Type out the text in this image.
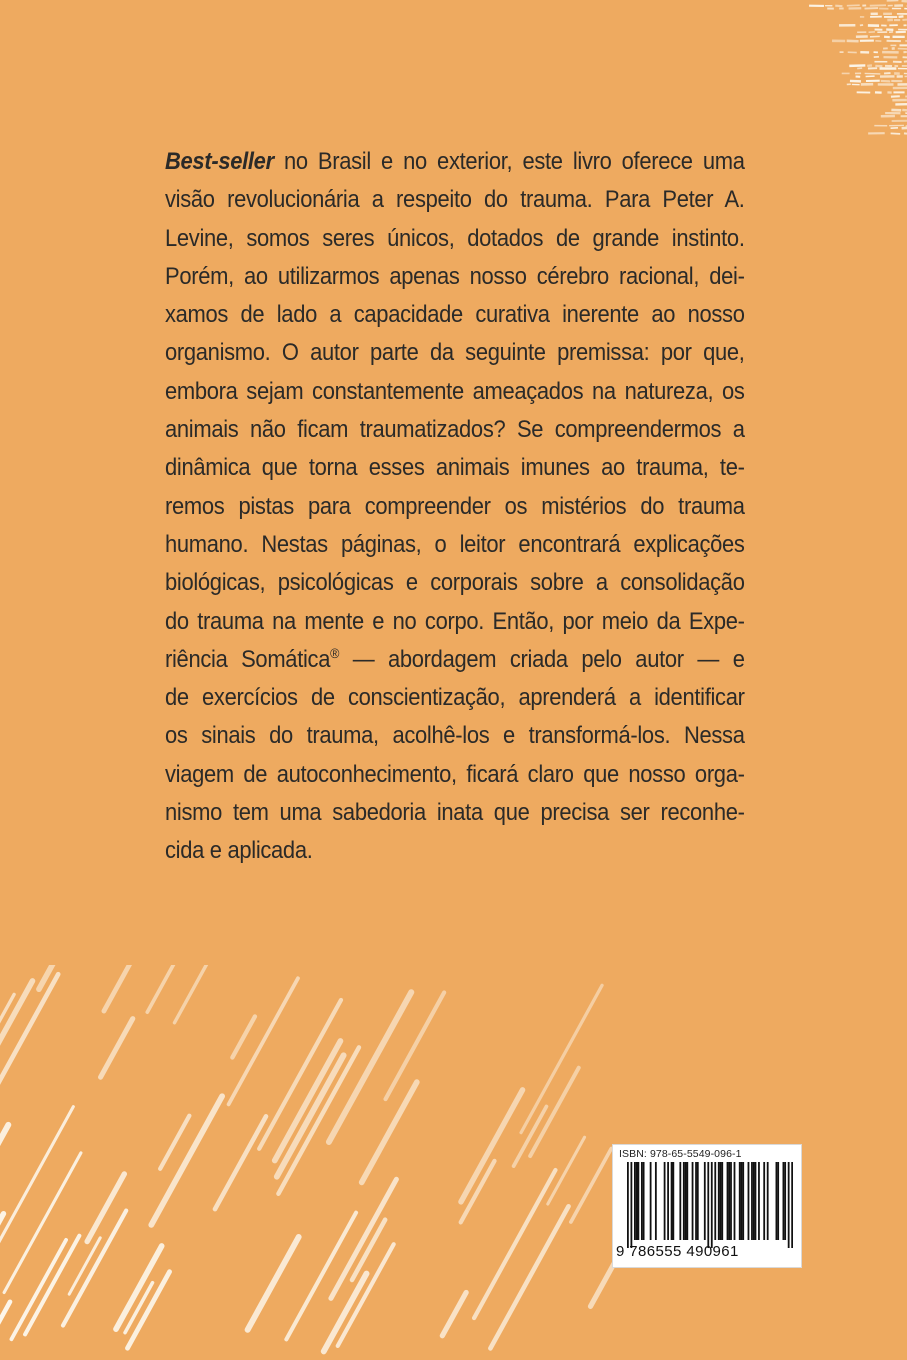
Best-seller no Brasil e no exterior, este livro oferece uma
visão revolucionária a respeito do trauma. Para Peter A.
Levine, somos seres únicos, dotados de grande instinto.
Porém, ao utilizarmos apenas nosso cérebro racional, dei-
xamos de lado a capacidade curativa inerente ao nosso
organismo. O autor parte da seguinte premissa: por que,
embora sejam constantemente ameaçados na natureza, os
animais não ficam traumatizados? Se compreendermos a
dinâmica que torna esses animais imunes ao trauma, te-
remos pistas para compreender os mistérios do trauma
humano. Nestas páginas, o leitor encontrará explicações
biológicas, psicológicas e corporais sobre a consolidação
do trauma na mente e no corpo. Então, por meio da Expe-
riência Somática® — abordagem criada pelo autor — e
de exercícios de conscientização, aprenderá a identificar
os sinais do trauma, acolhê-los e transformá-los. Nessa
viagem de autoconhecimento, ficará claro que nosso orga-
nismo tem uma sabedoria inata que precisa ser reconhe-
cida e aplicada.
ISBN: 978-65-5549-096-1
9 786555 490961
